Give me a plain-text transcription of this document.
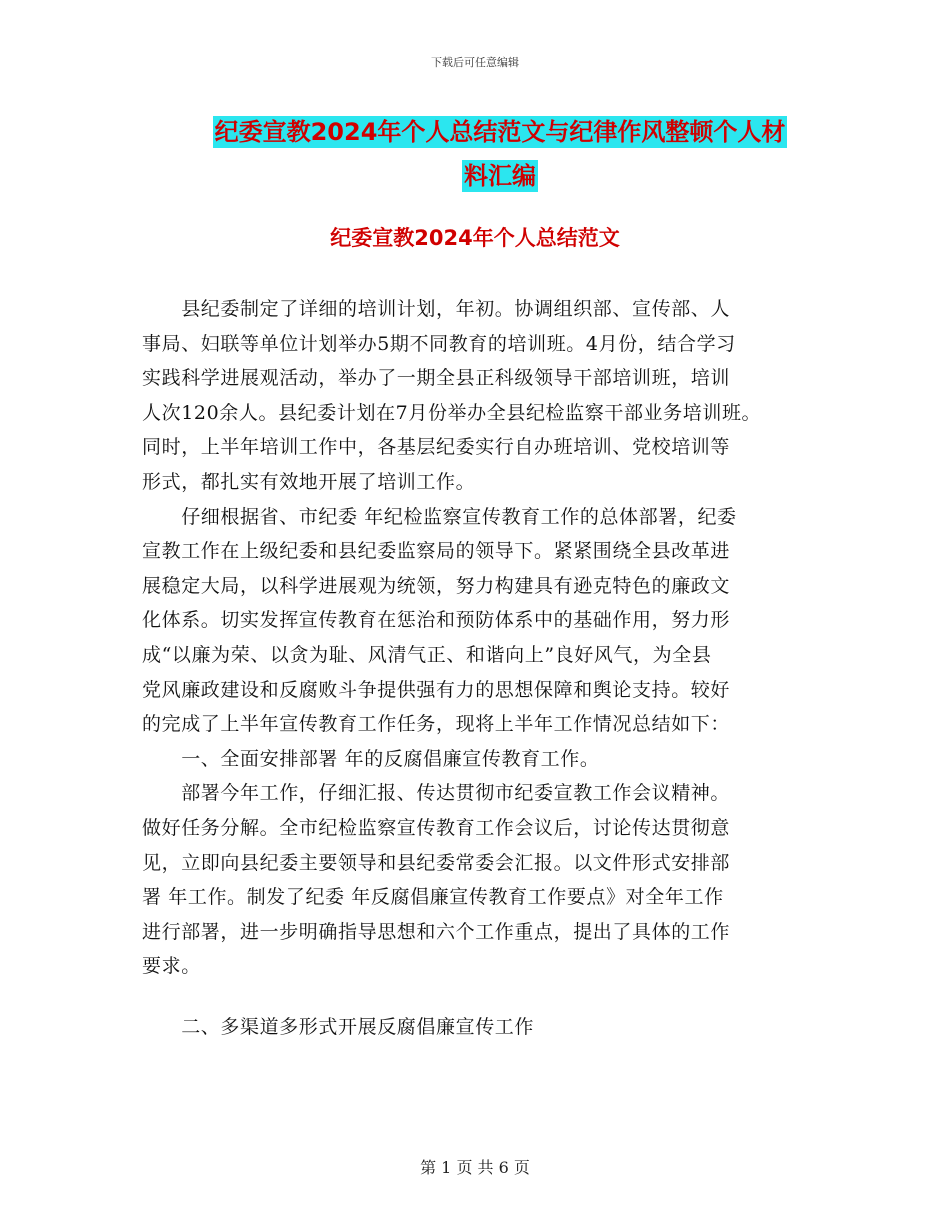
下载后可任意编辑
纪委宣教2024年个人总结范文与纪律作风整顿个人材
料汇编
纪委宣教2024年个人总结范文
　　县纪委制定了详细的培训计划，年初。协调组织部、宣传部、人
事局、妇联等单位计划举办5期不同教育的培训班。4月份，结合学习
实践科学进展观活动，举办了一期全县正科级领导干部培训班，培训
人次120余人。县纪委计划在7月份举办全县纪检监察干部业务培训班。
同时，上半年培训工作中，各基层纪委实行自办班培训、党校培训等
形式，都扎实有效地开展了培训工作。
　　仔细根据省、市纪委 年纪检监察宣传教育工作的总体部署，纪委
宣教工作在上级纪委和县纪委监察局的领导下。紧紧围绕全县改革进
展稳定大局，以科学进展观为统领，努力构建具有逊克特色的廉政文
化体系。切实发挥宣传教育在惩治和预防体系中的基础作用，努力形
成“以廉为荣、以贪为耻、风清气正、和谐向上”良好风气，为全县
党风廉政建设和反腐败斗争提供强有力的思想保障和舆论支持。较好
的完成了上半年宣传教育工作任务，现将上半年工作情况总结如下：
　　一、全面安排部署 年的反腐倡廉宣传教育工作。
　　部署今年工作，仔细汇报、传达贯彻市纪委宣教工作会议精神。
做好任务分解。全市纪检监察宣传教育工作会议后，讨论传达贯彻意
见，立即向县纪委主要领导和县纪委常委会汇报。以文件形式安排部
署 年工作。制发了纪委 年反腐倡廉宣传教育工作要点》对全年工作
进行部署，进一步明确指导思想和六个工作重点，提出了具体的工作
要求。
　　二、多渠道多形式开展反腐倡廉宣传工作
第 1 页 共 6 页
